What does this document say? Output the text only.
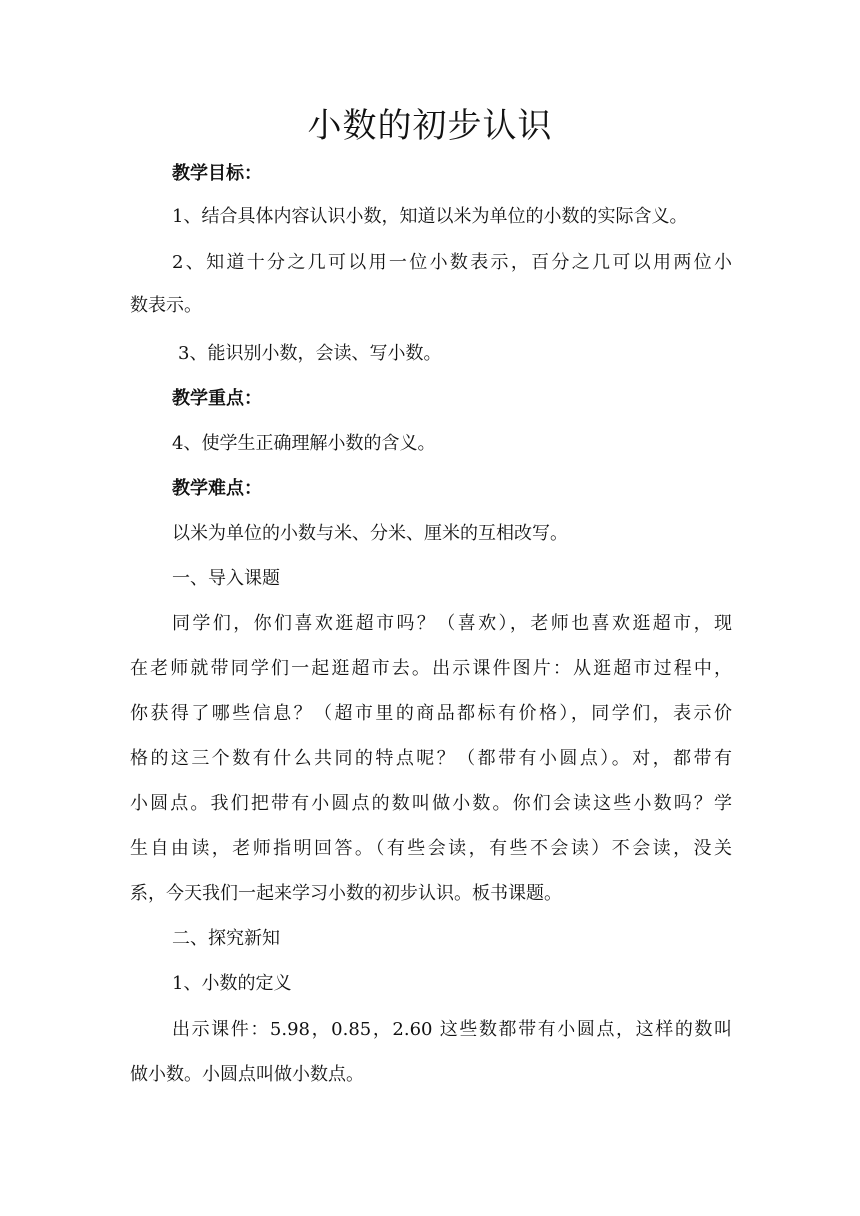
小数的初步认识
教学目标：
1、结合具体内容认识小数，知道以米为单位的小数的实际含义。
2、知道十分之几可以用一位小数表示，百分之几可以用两位小
数表示。
3、能识别小数，会读、写小数。
教学重点：
4、使学生正确理解小数的含义。
教学难点：
以米为单位的小数与米、分米、厘米的互相改写。
一、导入课题
同学们，你们喜欢逛超市吗？（喜欢），老师也喜欢逛超市，现
在老师就带同学们一起逛超市去。出示课件图片：从逛超市过程中，
你获得了哪些信息？（超市里的商品都标有价格），同学们，表示价
格的这三个数有什么共同的特点呢？（都带有小圆点）。对，都带有
小圆点。我们把带有小圆点的数叫做小数。你们会读这些小数吗？学
生自由读，老师指明回答。（有些会读，有些不会读）不会读，没关
系，今天我们一起来学习小数的初步认识。板书课题。
二、探究新知
1、小数的定义
出示课件：5.98，0.85，2.60 这些数都带有小圆点，这样的数叫
做小数。小圆点叫做小数点。
